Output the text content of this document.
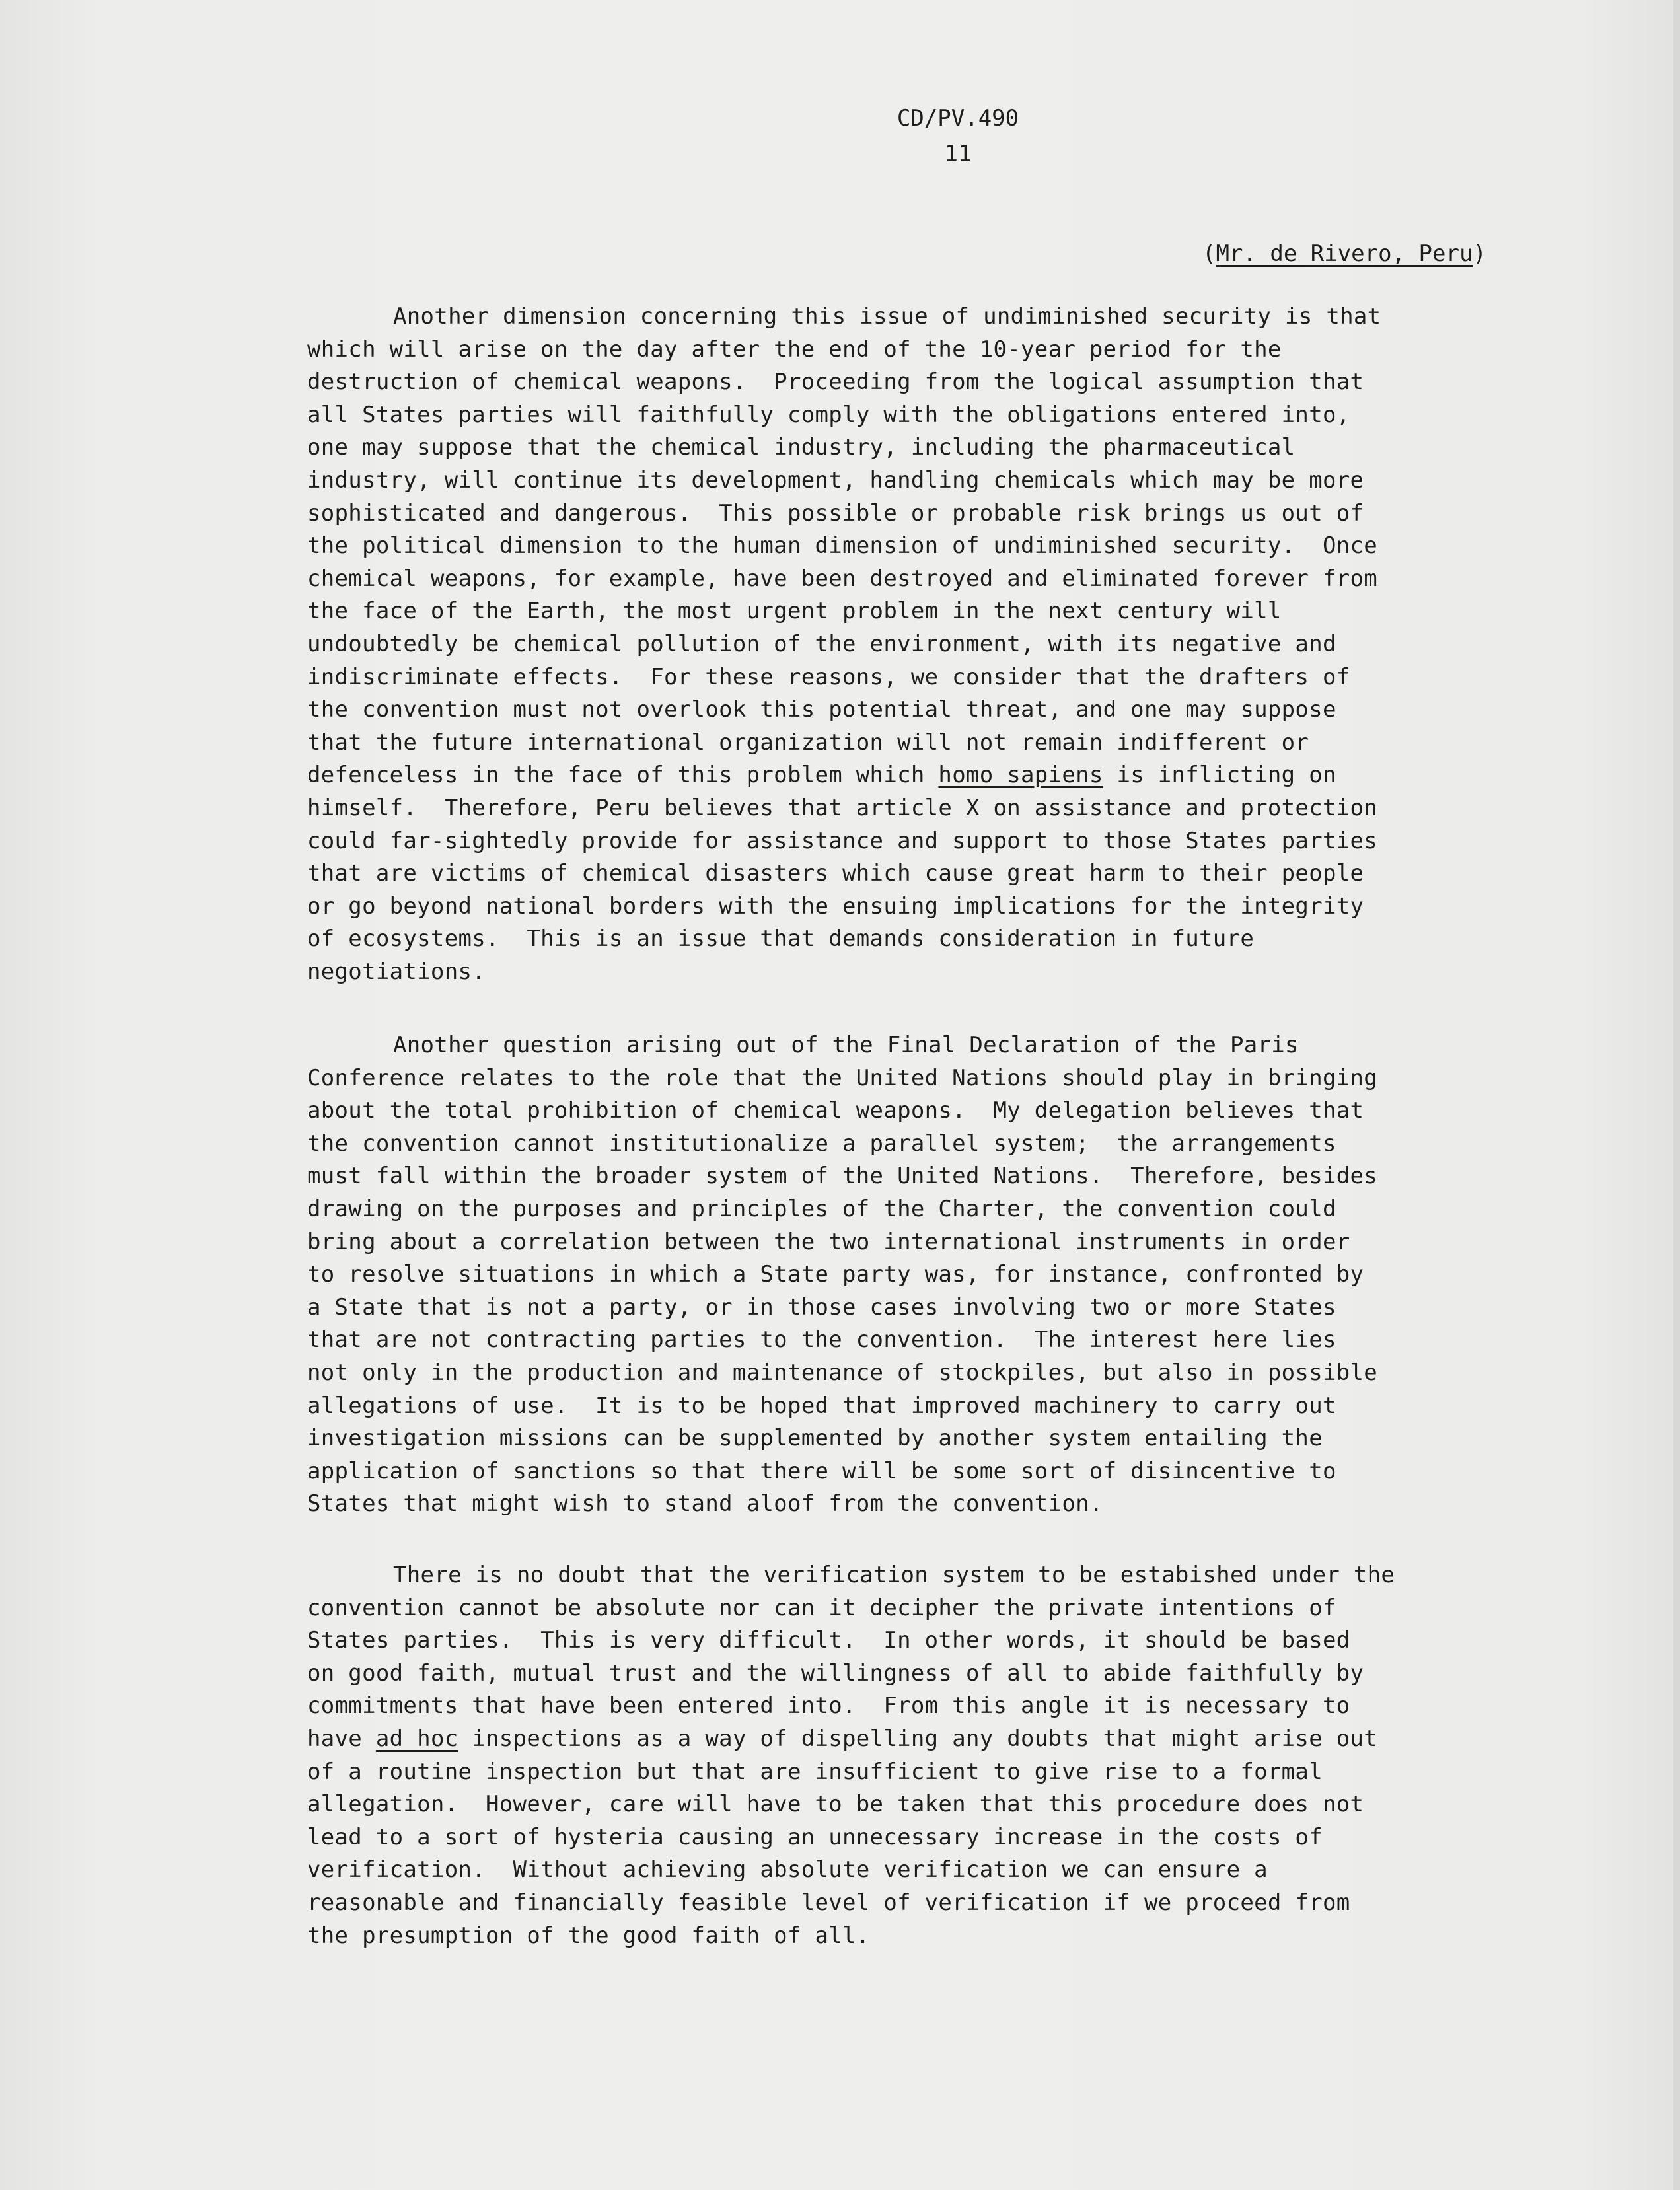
CD/PV.490
11
(Mr. de Rivero, Peru)
Another dimension concerning this issue of undiminished security is that
which will arise on the day after the end of the 10-year period for the
destruction of chemical weapons.  Proceeding from the logical assumption that
all States parties will faithfully comply with the obligations entered into,
one may suppose that the chemical industry, including the pharmaceutical
industry, will continue its development, handling chemicals which may be more
sophisticated and dangerous.  This possible or probable risk brings us out of
the political dimension to the human dimension of undiminished security.  Once
chemical weapons, for example, have been destroyed and eliminated forever from
the face of the Earth, the most urgent problem in the next century will
undoubtedly be chemical pollution of the environment, with its negative and
indiscriminate effects.  For these reasons, we consider that the drafters of
the convention must not overlook this potential threat, and one may suppose
that the future international organization will not remain indifferent or
defenceless in the face of this problem which homo sapiens is inflicting on
himself.  Therefore, Peru believes that article X on assistance and protection
could far-sightedly provide for assistance and support to those States parties
that are victims of chemical disasters which cause great harm to their people
or go beyond national borders with the ensuing implications for the integrity
of ecosystems.  This is an issue that demands consideration in future
negotiations.
Another question arising out of the Final Declaration of the Paris
Conference relates to the role that the United Nations should play in bringing
about the total prohibition of chemical weapons.  My delegation believes that
the convention cannot institutionalize a parallel system;  the arrangements
must fall within the broader system of the United Nations.  Therefore, besides
drawing on the purposes and principles of the Charter, the convention could
bring about a correlation between the two international instruments in order
to resolve situations in which a State party was, for instance, confronted by
a State that is not a party, or in those cases involving two or more States
that are not contracting parties to the convention.  The interest here lies
not only in the production and maintenance of stockpiles, but also in possible
allegations of use.  It is to be hoped that improved machinery to carry out
investigation missions can be supplemented by another system entailing the
application of sanctions so that there will be some sort of disincentive to
States that might wish to stand aloof from the convention.
There is no doubt that the verification system to be estabished under the
convention cannot be absolute nor can it decipher the private intentions of
States parties.  This is very difficult.  In other words, it should be based
on good faith, mutual trust and the willingness of all to abide faithfully by
commitments that have been entered into.  From this angle it is necessary to
have ad hoc inspections as a way of dispelling any doubts that might arise out
of a routine inspection but that are insufficient to give rise to a formal
allegation.  However, care will have to be taken that this procedure does not
lead to a sort of hysteria causing an unnecessary increase in the costs of
verification.  Without achieving absolute verification we can ensure a
reasonable and financially feasible level of verification if we proceed from
the presumption of the good faith of all.
